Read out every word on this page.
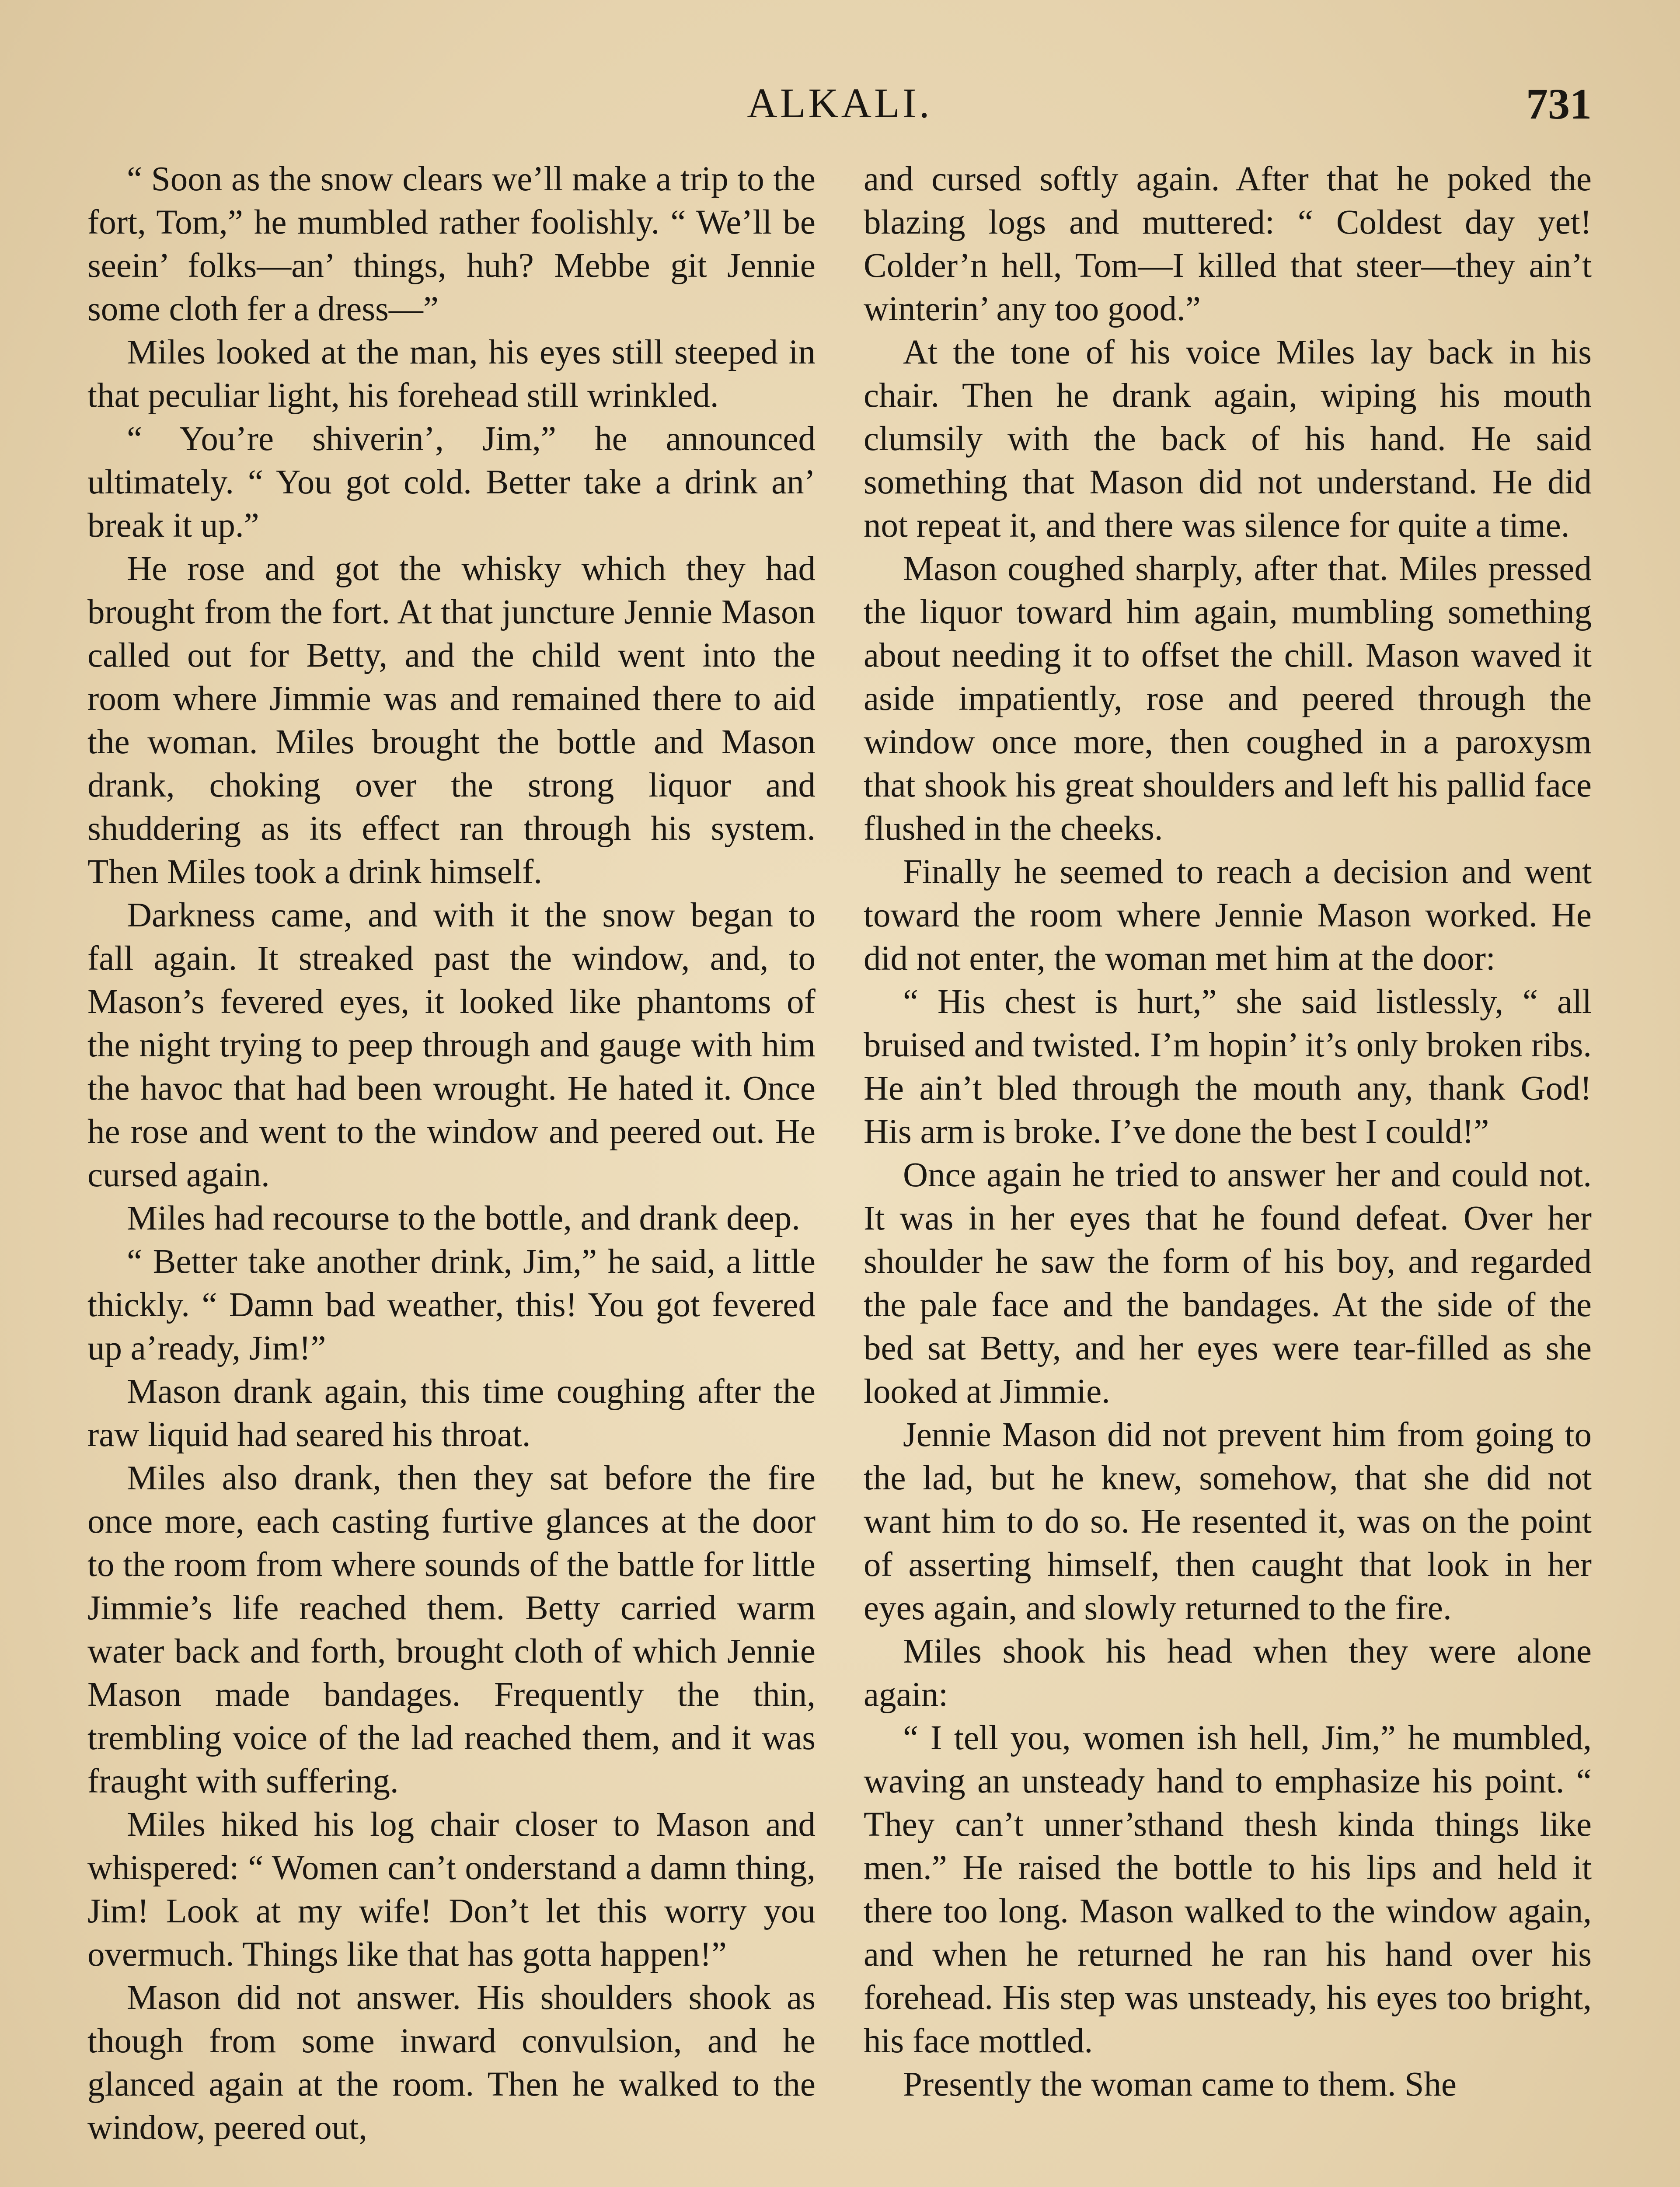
ALKALI.	731

“ Soon as the snow clears we’ll make a trip to the fort, Tom,” he mumbled rather foolishly. “ We’ll be seein’ folks—an’ things, huh? Mebbe git Jennie some cloth fer a dress—”

Miles looked at the man, his eyes still steeped in that peculiar light, his forehead still wrinkled.

“ You’re shiverin’, Jim,” he announced ultimately. “ You got cold. Better take a drink an’ break it up.”

He rose and got the whisky which they had brought from the fort. At that juncture Jennie Mason called out for Betty, and the child went into the room where Jimmie was and remained there to aid the woman. Miles brought the bottle and Mason drank, choking over the strong liquor and shuddering as its effect ran through his system. Then Miles took a drink himself.

Darkness came, and with it the snow began to fall again. It streaked past the window, and, to Mason’s fevered eyes, it looked like phantoms of the night trying to peep through and gauge with him the havoc that had been wrought. He hated it. Once he rose and went to the window and peered out. He cursed again.

Miles had recourse to the bottle, and drank deep.

“ Better take another drink, Jim,” he said, a little thickly. “ Damn bad weather, this! You got fevered up a’ready, Jim!”

Mason drank again, this time coughing after the raw liquid had seared his throat.

Miles also drank, then they sat before the fire once more, each casting furtive glances at the door to the room from where sounds of the battle for little Jimmie’s life reached them. Betty carried warm water back and forth, brought cloth of which Jennie Mason made bandages. Frequently the thin, trembling voice of the lad reached them, and it was fraught with suffering.

Miles hiked his log chair closer to Mason and whispered: “ Women can’t onderstand a damn thing, Jim! Look at my wife! Don’t let this worry you overmuch. Things like that has gotta happen!”

Mason did not answer. His shoulders shook as though from some inward convulsion, and he glanced again at the room. Then he walked to the window, peered out,

and cursed softly again. After that he poked the blazing logs and muttered: “ Coldest day yet! Colder’n hell, Tom—I killed that steer—they ain’t winterin’ any too good.”

At the tone of his voice Miles lay back in his chair. Then he drank again, wiping his mouth clumsily with the back of his hand. He said something that Mason did not understand. He did not repeat it, and there was silence for quite a time.

Mason coughed sharply, after that. Miles pressed the liquor toward him again, mumbling something about needing it to offset the chill. Mason waved it aside impatiently, rose and peered through the window once more, then coughed in a paroxysm that shook his great shoulders and left his pallid face flushed in the cheeks.

Finally he seemed to reach a decision and went toward the room where Jennie Mason worked. He did not enter, the woman met him at the door:

“ His chest is hurt,” she said listlessly, “ all bruised and twisted. I’m hopin’ it’s only broken ribs. He ain’t bled through the mouth any, thank God! His arm is broke. I’ve done the best I could!”

Once again he tried to answer her and could not. It was in her eyes that he found defeat. Over her shoulder he saw the form of his boy, and regarded the pale face and the bandages. At the side of the bed sat Betty, and her eyes were tear-filled as she looked at Jimmie.

Jennie Mason did not prevent him from going to the lad, but he knew, somehow, that she did not want him to do so. He resented it, was on the point of asserting himself, then caught that look in her eyes again, and slowly returned to the fire.

Miles shook his head when they were alone again:

“ I tell you, women ish hell, Jim,” he mumbled, waving an unsteady hand to emphasize his point. “ They can’t unner’sthand thesh kinda things like men.” He raised the bottle to his lips and held it there too long. Mason walked to the window again, and when he returned he ran his hand over his forehead. His step was unsteady, his eyes too bright, his face mottled.

Presently the woman came to them. She
